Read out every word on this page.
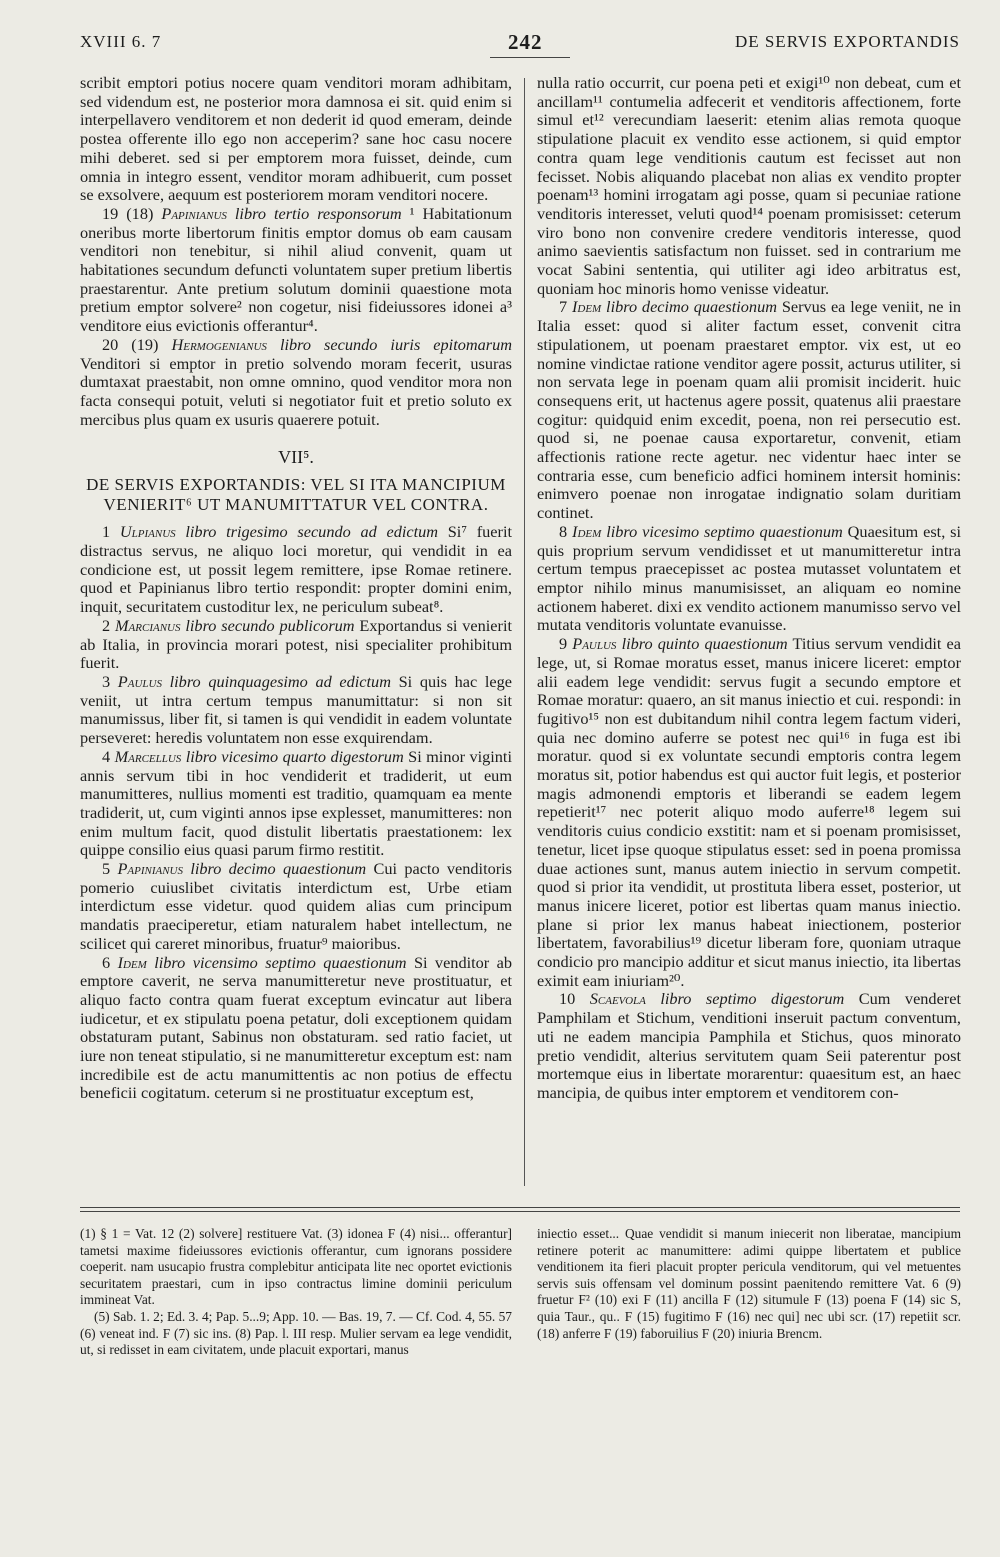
XVIII 6. 7	242	DE SERVIS EXPORTANDIS

scribit emptori potius nocere quam venditori moram adhibitam, sed videndum est, ne posterior mora damnosa ei sit. quid enim si interpellavero venditorem et non dederit id quod emeram, deinde postea offerente illo ego non acceperim? sane hoc casu nocere mihi deberet. sed si per emptorem mora fuisset, deinde, cum omnia in integro essent, venditor moram adhibuerit, cum posset se exsolvere, aequum est posteriorem moram venditori nocere.

19 (18) Papinianus libro tertio responsorum ¹ Habitationum oneribus morte libertorum finitis emptor domus ob eam causam venditori non tenebitur, si nihil aliud convenit, quam ut habitationes secundum defuncti voluntatem super pretium libertis praestarentur. Ante pretium solutum dominii quaestione mota pretium emptor solvere² non cogetur, nisi fideiussores idonei a³ venditore eius evictionis offerantur⁴.

20 (19) Hermogenianus libro secundo iuris epitomarum Venditori si emptor in pretio solvendo moram fecerit, usuras dumtaxat praestabit, non omne omnino, quod venditor mora non facta consequi potuit, veluti si negotiator fuit et pretio soluto ex mercibus plus quam ex usuris quaerere potuit.

VII⁵.
DE SERVIS EXPORTANDIS: VEL SI ITA MANCIPIUM VENIERIT⁶ UT MANUMITTATUR VEL CONTRA.

1 Ulpianus libro trigesimo secundo ad edictum Si⁷ fuerit distractus servus, ne aliquo loci moretur, qui vendidit in ea condicione est, ut possit legem remittere, ipse Romae retinere. quod et Papinianus libro tertio respondit: propter domini enim, inquit, securitatem custoditur lex, ne periculum subeat⁸.

2 Marcianus libro secundo publicorum Exportandus si venierit ab Italia, in provincia morari potest, nisi specialiter prohibitum fuerit.

3 Paulus libro quinquagesimo ad edictum Si quis hac lege veniit, ut intra certum tempus manumittatur: si non sit manumissus, liber fit, si tamen is qui vendidit in eadem voluntate perseveret: heredis voluntatem non esse exquirendam.

4 Marcellus libro vicesimo quarto digestorum Si minor viginti annis servum tibi in hoc vendiderit et tradiderit, ut eum manumitteres, nullius momenti est traditio, quamquam ea mente tradiderit, ut, cum viginti annos ipse explesset, manumitteres: non enim multum facit, quod distulit libertatis praestationem: lex quippe consilio eius quasi parum firmo restitit.

5 Papinianus libro decimo quaestionum Cui pacto venditoris pomerio cuiuslibet civitatis interdictum est, Urbe etiam interdictum esse videtur. quod quidem alias cum principum mandatis praeciperetur, etiam naturalem habet intellectum, ne scilicet qui careret minoribus, fruatur⁹ maioribus.

6 Idem libro vicensimo septimo quaestionum Si venditor ab emptore caverit, ne serva manumitteretur neve prostituatur, et aliquo facto contra quam fuerat exceptum evincatur aut libera iudicetur, et ex stipulatu poena petatur, doli exceptionem quidam obstaturam putant, Sabinus non obstaturam. sed ratio faciet, ut iure non teneat stipulatio, si ne manumitteretur exceptum est: nam incredibile est de actu manumittentis ac non potius de effectu beneficii cogitatum. ceterum si ne prostituatur exceptum est,

nulla ratio occurrit, cur poena peti et exigi¹⁰ non debeat, cum et ancillam¹¹ contumelia adfecerit et venditoris affectionem, forte simul et¹² verecundiam laeserit: etenim alias remota quoque stipulatione placuit ex vendito esse actionem, si quid emptor contra quam lege venditionis cautum est fecisset aut non fecisset. Nobis aliquando placebat non alias ex vendito propter poenam¹³ homini irrogatam agi posse, quam si pecuniae ratione venditoris interesset, veluti quod¹⁴ poenam promisisset: ceterum viro bono non convenire credere venditoris interesse, quod animo saevientis satisfactum non fuisset. sed in contrarium me vocat Sabini sententia, qui utiliter agi ideo arbitratus est, quoniam hoc minoris homo venisse videatur.

7 Idem libro decimo quaestionum Servus ea lege veniit, ne in Italia esset: quod si aliter factum esset, convenit citra stipulationem, ut poenam praestaret emptor. vix est, ut eo nomine vindictae ratione venditor agere possit, acturus utiliter, si non servata lege in poenam quam alii promisit inciderit. huic consequens erit, ut hactenus agere possit, quatenus alii praestare cogitur: quidquid enim excedit, poena, non rei persecutio est. quod si, ne poenae causa exportaretur, convenit, etiam affectionis ratione recte agetur. nec videntur haec inter se contraria esse, cum beneficio adfici hominem intersit hominis: enimvero poenae non inrogatae indignatio solam duritiam continet.

8 Idem libro vicesimo septimo quaestionum Quaesitum est, si quis proprium servum vendidisset et ut manumitteretur intra certum tempus praecepisset ac postea mutasset voluntatem et emptor nihilo minus manumisisset, an aliquam eo nomine actionem haberet. dixi ex vendito actionem manumisso servo vel mutata venditoris voluntate evanuisse.

9 Paulus libro quinto quaestionum Titius servum vendidit ea lege, ut, si Romae moratus esset, manus inicere liceret: emptor alii eadem lege vendidit: servus fugit a secundo emptore et Romae moratur: quaero, an sit manus iniectio et cui. respondi: in fugitivo¹⁵ non est dubitandum nihil contra legem factum videri, quia nec domino auferre se potest nec qui¹⁶ in fuga est ibi moratur. quod si ex voluntate secundi emptoris contra legem moratus sit, potior habendus est qui auctor fuit legis, et posterior magis admonendi emptoris et liberandi se eadem legem repetierit¹⁷ nec poterit aliquo modo auferre¹⁸ legem sui venditoris cuius condicio exstitit: nam et si poenam promisisset, tenetur, licet ipse quoque stipulatus esset: sed in poena promissa duae actiones sunt, manus autem iniectio in servum competit. quod si prior ita vendidit, ut prostituta libera esset, posterior, ut manus inicere liceret, potior est libertas quam manus iniectio. plane si prior lex manus habeat iniectionem, posterior libertatem, favorabilius¹⁹ dicetur liberam fore, quoniam utraque condicio pro mancipio additur et sicut manus iniectio, ita libertas eximit eam iniuriam²⁰.

10 Scaevola libro septimo digestorum Cum venderet Pamphilam et Stichum, venditioni inseruit pactum conventum, uti ne eadem mancipia Pamphila et Stichus, quos minorato pretio vendidit, alterius servitutem quam Seii paterentur post mortemque eius in libertate morarentur: quaesitum est, an haec mancipia, de quibus inter emptorem et venditorem con-

(1) § 1 = Vat. 12 (2) solvere] restituere Vat. (3) idonea F (4) nisi... offerantur] tametsi maxime fideiussores evictionis offerantur, cum ignorans possidere coeperit. nam usucapio frustra complebitur anticipata lite nec oportet evictionis securitatem praestari, cum in ipso contractus limine dominii periculum immineat Vat.

(5) Sab. 1. 2; Ed. 3. 4; Pap. 5...9; App. 10. — Bas. 19, 7. — Cf. Cod. 4, 55. 57 (6) veneat ind. F (7) sic ins. (8) Pap. l. III resp. Mulier servam ea lege vendidit, ut, si redisset in eam civitatem, unde placuit exportari, manus

iniectio esset... Quae vendidit si manum iniecerit non liberatae, mancipium retinere poterit ac manumittere: adimi quippe libertatem et publice venditionem ita fieri placuit propter pericula venditorum, qui vel metuentes servis suis offensam vel dominum possint paenitendo remittere Vat. 6 (9) fruetur F² (10) exi F (11) ancilla F (12) situmule F (13) poena F (14) sic S, quia Taur., qu.. F (15) fugitimo F (16) nec qui] nec ubi scr. (17) repetiit scr. (18) anferre F (19) faboruilius F (20) iniuria Brencm.
